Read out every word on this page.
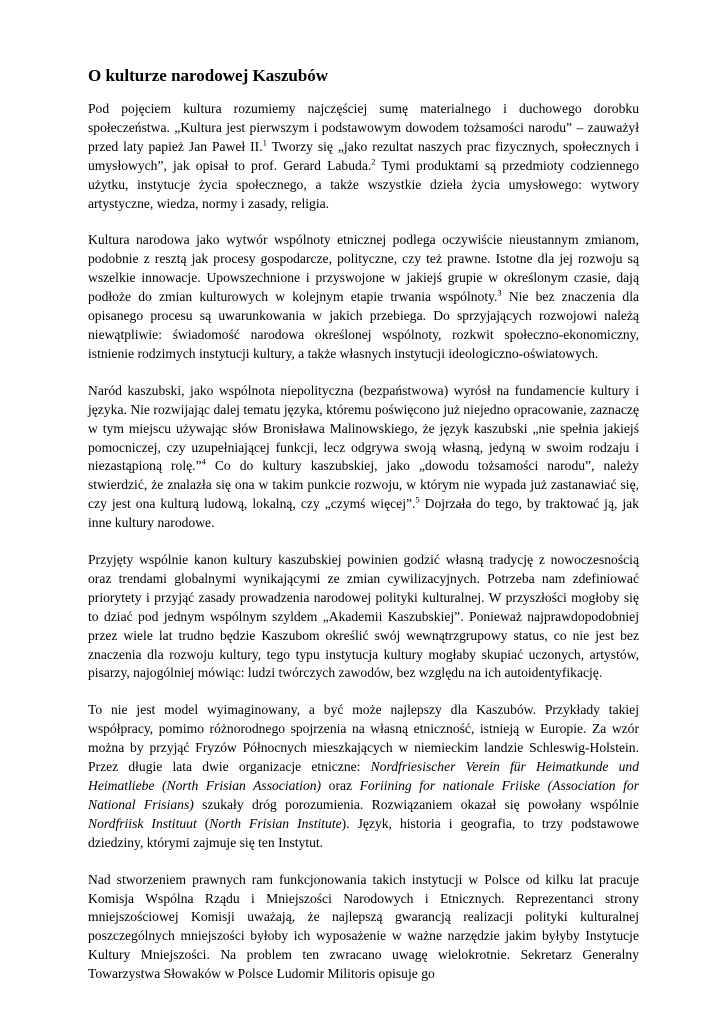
O kulturze narodowej Kaszubów

Pod pojęciem kultura rozumiemy najczęściej sumę materialnego i duchowego dorobku społeczeństwa. „Kultura jest pierwszym i podstawowym dowodem tożsamości narodu” – zauważył przed laty papież Jan Paweł II.$^1$ Tworzy się „jako rezultat naszych prac fizycznych, społecznych i umysłowych”, jak opisał to prof. Gerard Labuda.$^2$ Tymi produktami są przedmioty codziennego użytku, instytucje życia społecznego, a także wszystkie dzieła życia umysłowego: wytwory artystyczne, wiedza, normy i zasady, religia.

Kultura narodowa jako wytwór wspólnoty etnicznej podlega oczywiście nieustannym zmianom, podobnie z resztą jak procesy gospodarcze, polityczne, czy też prawne. Istotne dla jej rozwoju są wszelkie innowacje. Upowszechnione i przyswojone w jakiejś grupie w określonym czasie, dają podłoże do zmian kulturowych w kolejnym etapie trwania wspólnoty.$^3$ Nie bez znaczenia dla opisanego procesu są uwarunkowania w jakich przebiega. Do sprzyjających rozwojowi należą niewątpliwie: świadomość narodowa określonej wspólnoty, rozkwit społeczno-ekonomiczny, istnienie rodzimych instytucji kultury, a także własnych instytucji ideologiczno-oświatowych.

Naród kaszubski, jako wspólnota niepolityczna (bezpaństwowa) wyrósł na fundamencie kultury i języka. Nie rozwijając dalej tematu języka, któremu poświęcono już niejedno opracowanie, zaznaczę w tym miejscu używając słów Bronisława Malinowskiego, że język kaszubski „nie spełnia jakiejś pomocniczej, czy uzupełniającej funkcji, lecz odgrywa swoją własną, jedyną w swoim rodzaju i niezastąpioną rolę.”$^4$ Co do kultury kaszubskiej, jako „dowodu tożsamości narodu”, należy stwierdzić, że znalazła się ona w takim punkcie rozwoju, w którym nie wypada już zastanawiać się, czy jest ona kulturą ludową, lokalną, czy „czymś więcej”.$^5$ Dojrzała do tego, by traktować ją, jak inne kultury narodowe.

Przyjęty wspólnie kanon kultury kaszubskiej powinien godzić własną tradycję z nowoczesnością oraz trendami globalnymi wynikającymi ze zmian cywilizacyjnych. Potrzeba nam zdefiniować priorytety i przyjąć zasady prowadzenia narodowej polityki kulturalnej. W przyszłości mogłoby się to dziać pod jednym wspólnym szyldem „Akademii Kaszubskiej”. Ponieważ najprawdopodobniej przez wiele lat trudno będzie Kaszubom określić swój wewnątrzgrupowy status, co nie jest bez znaczenia dla rozwoju kultury, tego typu instytucja kultury mogłaby skupiać uczonych, artystów, pisarzy, najogólniej mówiąc: ludzi twórczych zawodów, bez względu na ich autoidentyfikację.

To nie jest model wyimaginowany, a być może najlepszy dla Kaszubów. Przykłady takiej współpracy, pomimo różnorodnego spojrzenia na własną etniczność, istnieją w Europie. Za wzór można by przyjąć Fryzów Północnych mieszkających w niemieckim landzie Schleswig-Holstein. Przez długie lata dwie organizacje etniczne: Nordfriesischer Verein für Heimatkunde und Heimatliebe (North Frisian Association) oraz Foriining for nationale Friiske (Association for National Frisians) szukały dróg porozumienia. Rozwiązaniem okazał się powołany wspólnie Nordfriisk Instituut (North Frisian Institute). Język, historia i geografia, to trzy podstawowe dziedziny, którymi zajmuje się ten Instytut.

Nad stworzeniem prawnych ram funkcjonowania takich instytucji w Polsce od kilku lat pracuje Komisja Wspólna Rządu i Mniejszości Narodowych i Etnicznych. Reprezentanci strony mniejszościowej Komisji uważają, że najlepszą gwarancją realizacji polityki kulturalnej poszczególnych mniejszości byłoby ich wyposażenie w ważne narzędzie jakim byłyby Instytucje Kultury Mniejszości. Na problem ten zwracano uwagę wielokrotnie. Sekretarz Generalny Towarzystwa Słowaków w Polsce Ludomir Militoris opisuje go
